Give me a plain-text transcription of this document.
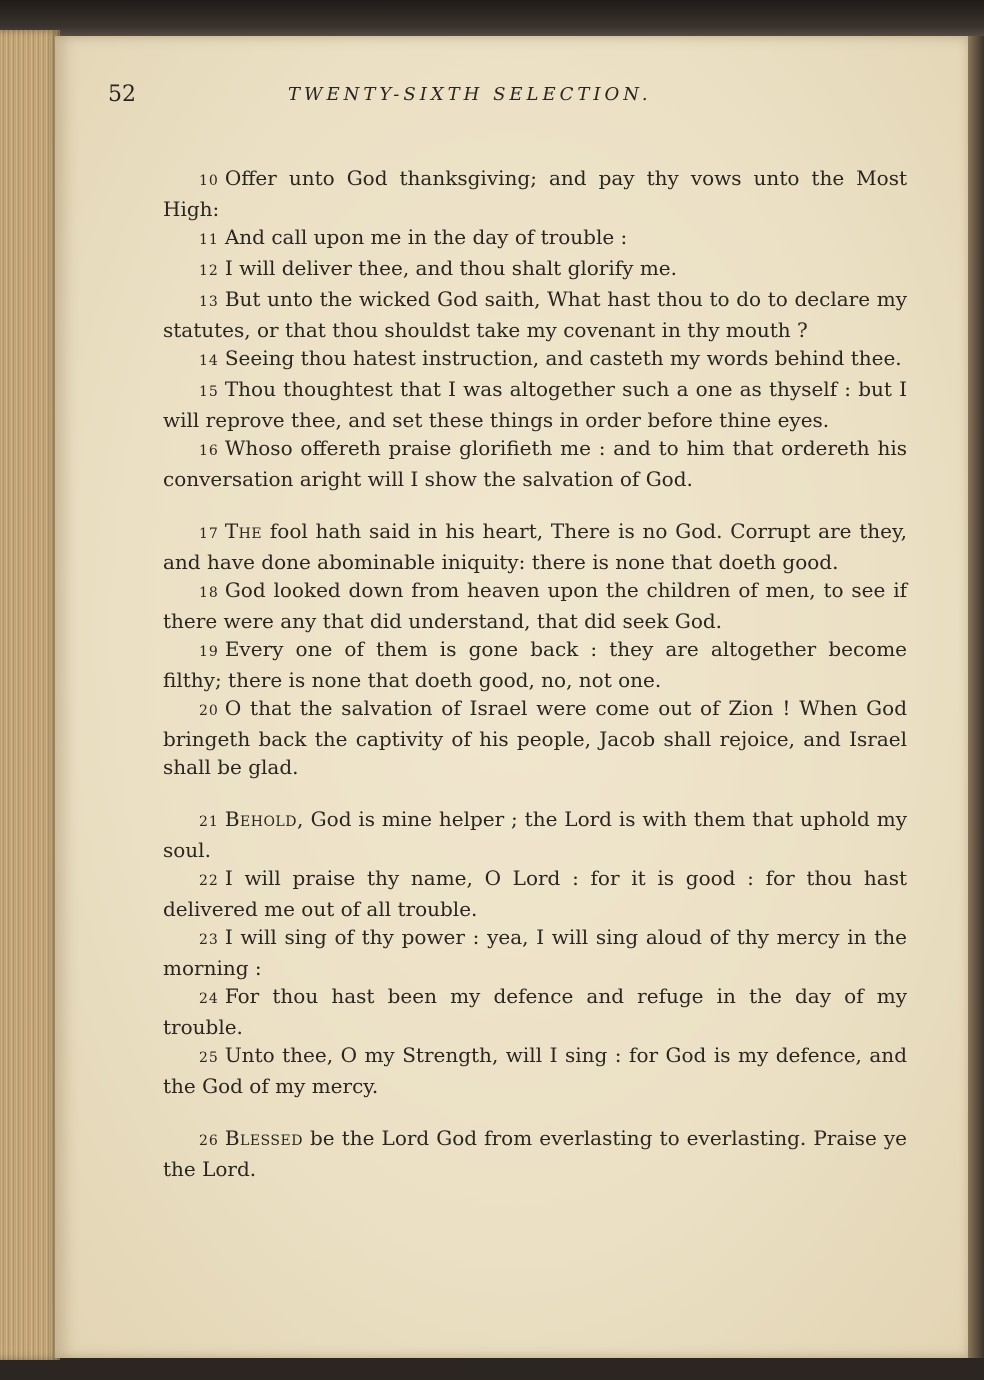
52	TWENTY-SIXTH SELECTION.

10 Offer unto God thanksgiving; and pay thy vows unto the Most High:

11 And call upon me in the day of trouble :

12 I will deliver thee, and thou shalt glorify me.

13 But unto the wicked God saith, What hast thou to do to declare my statutes, or that thou shouldst take my covenant in thy mouth ?

14 Seeing thou hatest instruction, and casteth my words behind thee.

15 Thou thoughtest that I was altogether such a one as thyself : but I will reprove thee, and set these things in order before thine eyes.

16 Whoso offereth praise glorifieth me : and to him that ordereth his conversation aright will I show the salvation of God.

17 The fool hath said in his heart, There is no God. Corrupt are they, and have done abominable iniquity: there is none that doeth good.

18 God looked down from heaven upon the children of men, to see if there were any that did understand, that did seek God.

19 Every one of them is gone back : they are altogether become filthy; there is none that doeth good, no, not one.

20 O that the salvation of Israel were come out of Zion ! When God bringeth back the captivity of his people, Jacob shall rejoice, and Israel shall be glad.

21 Behold, God is mine helper ; the Lord is with them that uphold my soul.

22 I will praise thy name, O Lord : for it is good : for thou hast delivered me out of all trouble.

23 I will sing of thy power : yea, I will sing aloud of thy mercy in the morning :

24 For thou hast been my defence and refuge in the day of my trouble.

25 Unto thee, O my Strength, will I sing : for God is my defence, and the God of my mercy.

26 Blessed be the Lord God from everlasting to everlasting. Praise ye the Lord.
